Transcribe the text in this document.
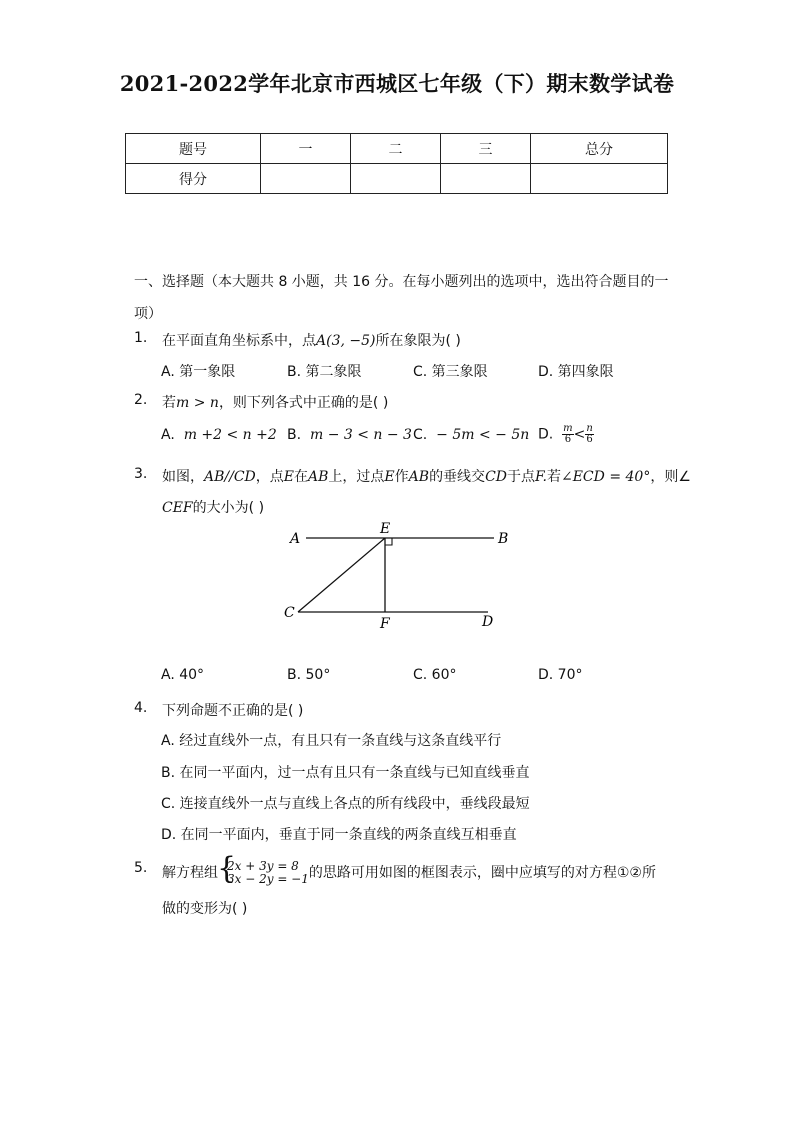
2021-2022学年北京市西城区七年级（下）期末数学试卷
题号	一	二	三	总分
得分				
一、选择题（本大题共 8 小题，共 16 分。在每小题列出的选项中，选出符合题目的一项）
1.	在平面直角坐标系中，点A(3, −5)所在象限为( )
A. 第一象限	B. 第二象限	C. 第三象限	D. 第四象限
2.	若m > n，则下列各式中正确的是( )
A. m +2 < n +2 B. m − 3 < n − 3 C. − 5m < − 5n D. $\frac{m}{6} < \frac{n}{6}$
3.	如图，AB//CD，点E在AB上，过点E作AB的垂线交CD于点F.若∠ECD = 40°，则∠
CEF的大小为( )
A	B
E
C
F	D
A. 40°	B. 50°	C. 60°	D. 70°
4.	下列命题不正确的是( )
A. 经过直线外一点，有且只有一条直线与这条直线平行
B. 在同一平面内，过一点有且只有一条直线与已知直线垂直
C. 连接直线外一点与直线上各点的所有线段中，垂线段最短
D. 在同一平面内，垂直于同一条直线的两条直线互相垂直
5.	解方程组 {
2x + 3y = 8
3x − 2y = −1 的思路可用如图的框图表示，圈中应填写的对方程①②所
做的变形为( )
